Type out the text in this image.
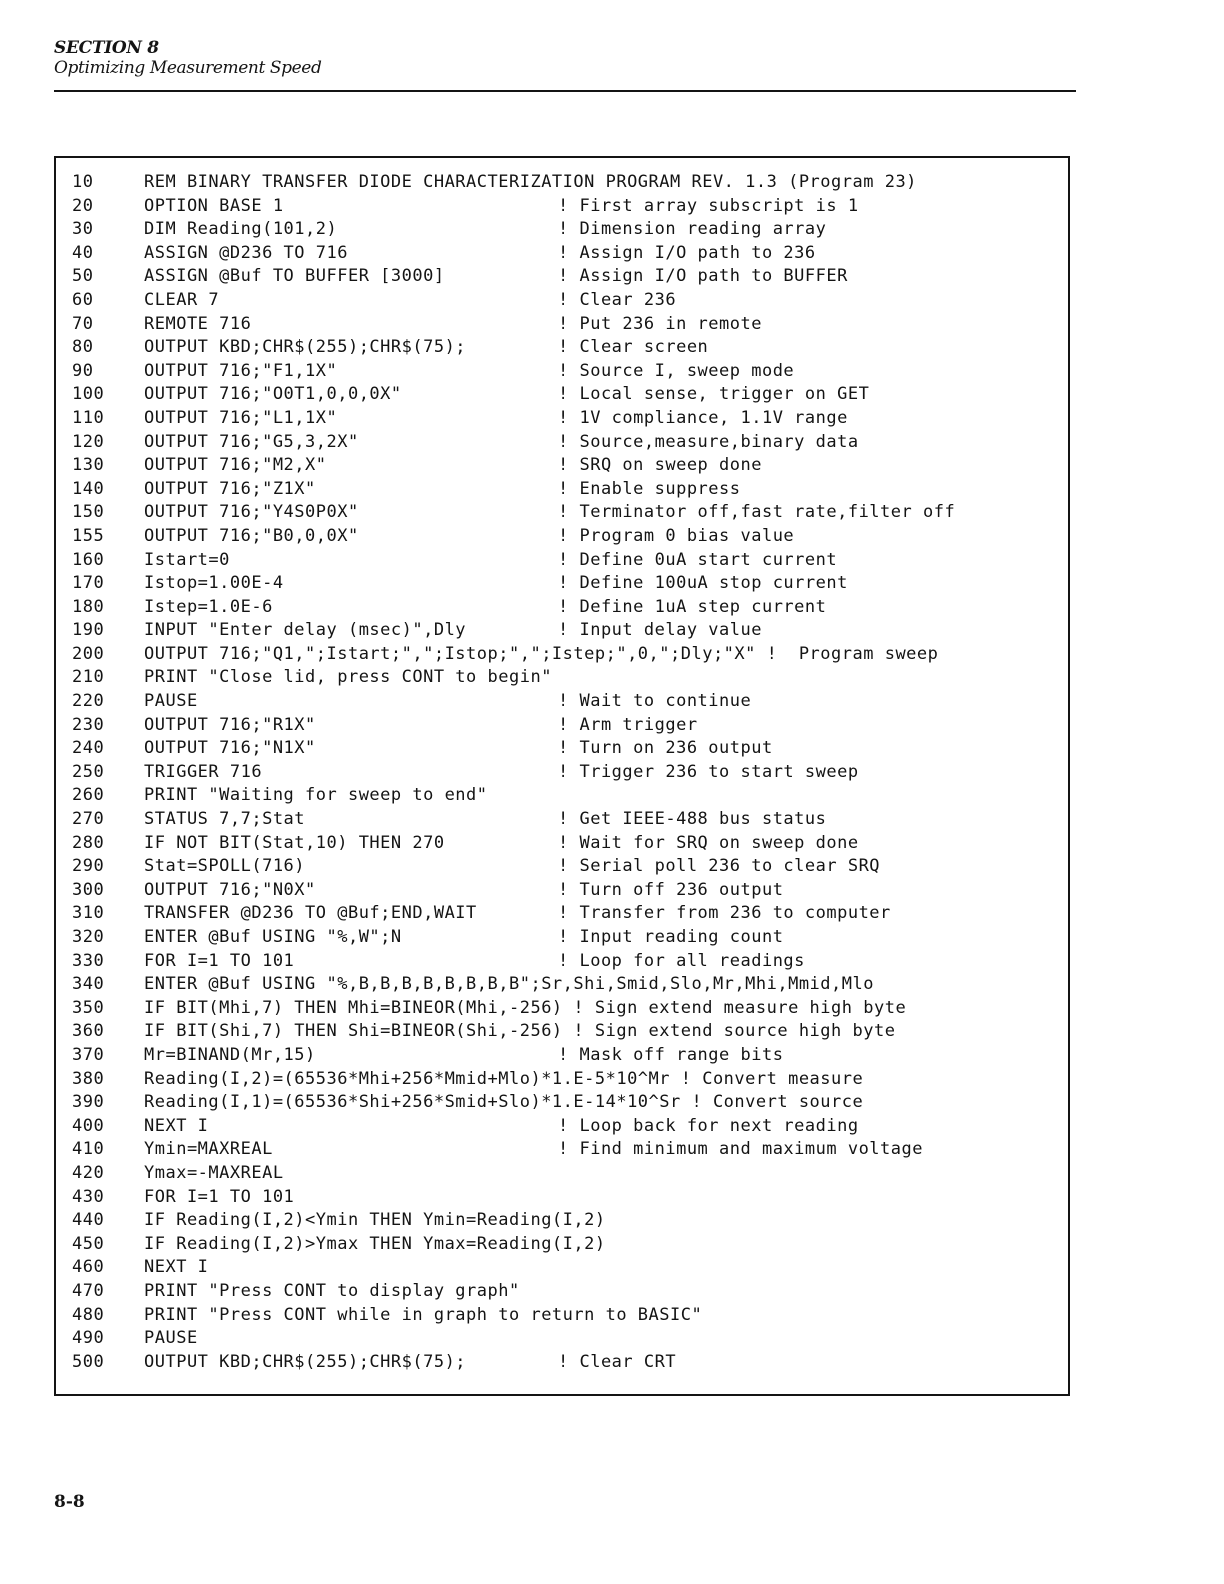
SECTION 8
Optimizing Measurement Speed
10	REM BINARY TRANSFER DIODE CHARACTERIZATION PROGRAM REV. 1.3 (Program 23)
20	OPTION BASE 1	! First array subscript is 1
30	DIM Reading(101,2)	! Dimension reading array
40	ASSIGN @D236 TO 716	! Assign I/O path to 236
50	ASSIGN @Buf TO BUFFER [3000]	! Assign I/O path to BUFFER
60	CLEAR 7	! Clear 236
70	REMOTE 716	! Put 236 in remote
80	OUTPUT KBD;CHR$(255);CHR$(75);	! Clear screen
90	OUTPUT 716;"F1,1X"	! Source I, sweep mode
100 OUTPUT 716;"O0T1,0,0,0X"	! Local sense, trigger on GET
110 OUTPUT 716;"L1,1X"	! 1V compliance, 1.1V range
120 OUTPUT 716;"G5,3,2X"	! Source,measure,binary data
130 OUTPUT 716;"M2,X"	! SRQ on sweep done
140 OUTPUT 716;"Z1X"	! Enable suppress
150 OUTPUT 716;"Y4S0P0X"	! Terminator off,fast rate,filter off
155 OUTPUT 716;"B0,0,0X"	! Program 0 bias value
160 Istart=0	! Define 0uA start current
170 Istop=1.00E-4	! Define 100uA stop current
180 Istep=1.0E-6	! Define 1uA step current
190 INPUT "Enter delay (msec)",Dly	! Input delay value
200 OUTPUT 716;"Q1,";Istart;",";Istop;",";Istep;",0,";Dly;"X" !  Program sweep
210 PRINT "Close lid, press CONT to begin"
220 PAUSE	! Wait to continue
230 OUTPUT 716;"R1X"	! Arm trigger
240 OUTPUT 716;"N1X"	! Turn on 236 output
250 TRIGGER 716	! Trigger 236 to start sweep
260 PRINT "Waiting for sweep to end"
270 STATUS 7,7;Stat	! Get IEEE-488 bus status
280 IF NOT BIT(Stat,10) THEN 270	! Wait for SRQ on sweep done
290 Stat=SPOLL(716)	! Serial poll 236 to clear SRQ
300 OUTPUT 716;"N0X"	! Turn off 236 output
310 TRANSFER @D236 TO @Buf;END,WAIT	! Transfer from 236 to computer
320 ENTER @Buf USING "%,W";N	! Input reading count
330 FOR I=1 TO 101	! Loop for all readings
340 ENTER @Buf USING "%,B,B,B,B,B,B,B,B";Sr,Shi,Smid,Slo,Mr,Mhi,Mmid,Mlo
350 IF BIT(Mhi,7) THEN Mhi=BINEOR(Mhi,-256) ! Sign extend measure high byte
360 IF BIT(Shi,7) THEN Shi=BINEOR(Shi,-256) ! Sign extend source high byte
370 Mr=BINAND(Mr,15)	! Mask off range bits
380 Reading(I,2)=(65536*Mhi+256*Mmid+Mlo)*1.E-5*10^Mr ! Convert measure
390 Reading(I,1)=(65536*Shi+256*Smid+Slo)*1.E-14*10^Sr ! Convert source
400 NEXT I	! Loop back for next reading
410 Ymin=MAXREAL	! Find minimum and maximum voltage
420 Ymax=-MAXREAL
430 FOR I=1 TO 101
440 IF Reading(I,2)<Ymin THEN Ymin=Reading(I,2)
450 IF Reading(I,2)>Ymax THEN Ymax=Reading(I,2)
460 NEXT I
470 PRINT "Press CONT to display graph"
480 PRINT "Press CONT while in graph to return to BASIC"
490 PAUSE
500 OUTPUT KBD;CHR$(255);CHR$(75);	! Clear CRT
8-8
